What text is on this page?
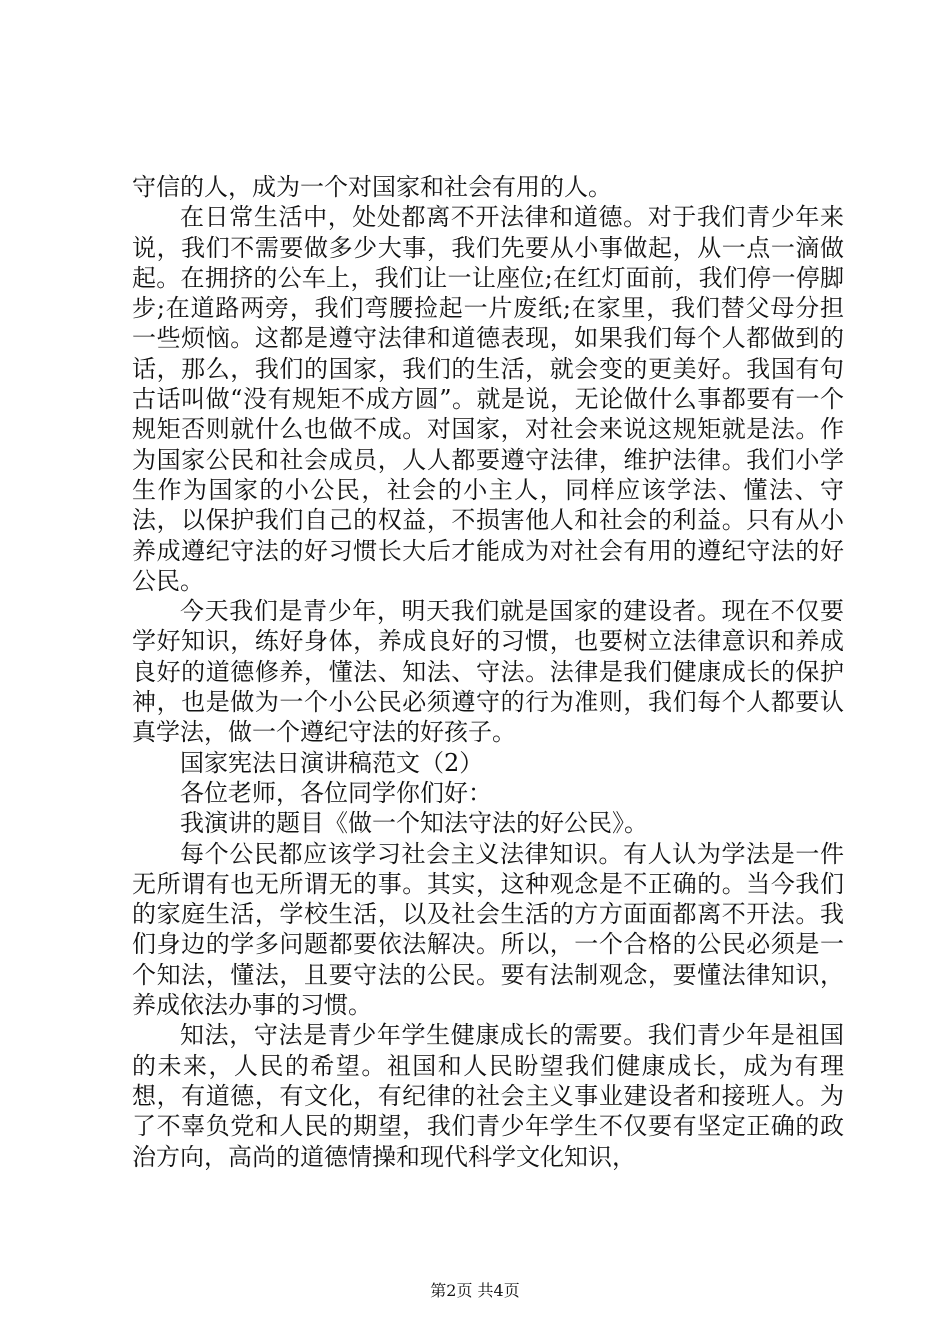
守信的人，成为一个对国家和社会有用的人。

在日常生活中，处处都离不开法律和道德。对于我们青少年来说，我们不需要做多少大事，我们先要从小事做起，从一点一滴做起。在拥挤的公车上，我们让一让座位;在红灯面前，我们停一停脚步;在道路两旁，我们弯腰捡起一片废纸;在家里，我们替父母分担一些烦恼。这都是遵守法律和道德表现，如果我们每个人都做到的话，那么，我们的国家，我们的生活，就会变的更美好。我国有句古话叫做“没有规矩不成方圆”。就是说，无论做什么事都要有一个规矩否则就什么也做不成。对国家，对社会来说这规矩就是法。作为国家公民和社会成员，人人都要遵守法律，维护法律。我们小学生作为国家的小公民，社会的小主人，同样应该学法、懂法、守法，以保护我们自己的权益，不损害他人和社会的利益。只有从小养成遵纪守法的好习惯长大后才能成为对社会有用的遵纪守法的好公民。

今天我们是青少年，明天我们就是国家的建设者。现在不仅要学好知识，练好身体，养成良好的习惯，也要树立法律意识和养成良好的道德修养，懂法、知法、守法。法律是我们健康成长的保护神，也是做为一个小公民必须遵守的行为准则，我们每个人都要认真学法，做一个遵纪守法的好孩子。

国家宪法日演讲稿范文（2）

各位老师，各位同学你们好：

我演讲的题目《做一个知法守法的好公民》。

每个公民都应该学习社会主义法律知识。有人认为学法是一件无所谓有也无所谓无的事。其实，这种观念是不正确的。当今我们的家庭生活，学校生活，以及社会生活的方方面面都离不开法。我们身边的学多问题都要依法解决。所以，一个合格的公民必须是一个知法，懂法，且要守法的公民。要有法制观念，要懂法律知识，养成依法办事的习惯。

知法，守法是青少年学生健康成长的需要。我们青少年是祖国的未来，人民的希望。祖国和人民盼望我们健康成长，成为有理想，有道德，有文化，有纪律的社会主义事业建设者和接班人。为了不辜负党和人民的期望，我们青少年学生不仅要有坚定正确的政治方向，高尚的道德情操和现代科学文化知识，

第2页 共4页
